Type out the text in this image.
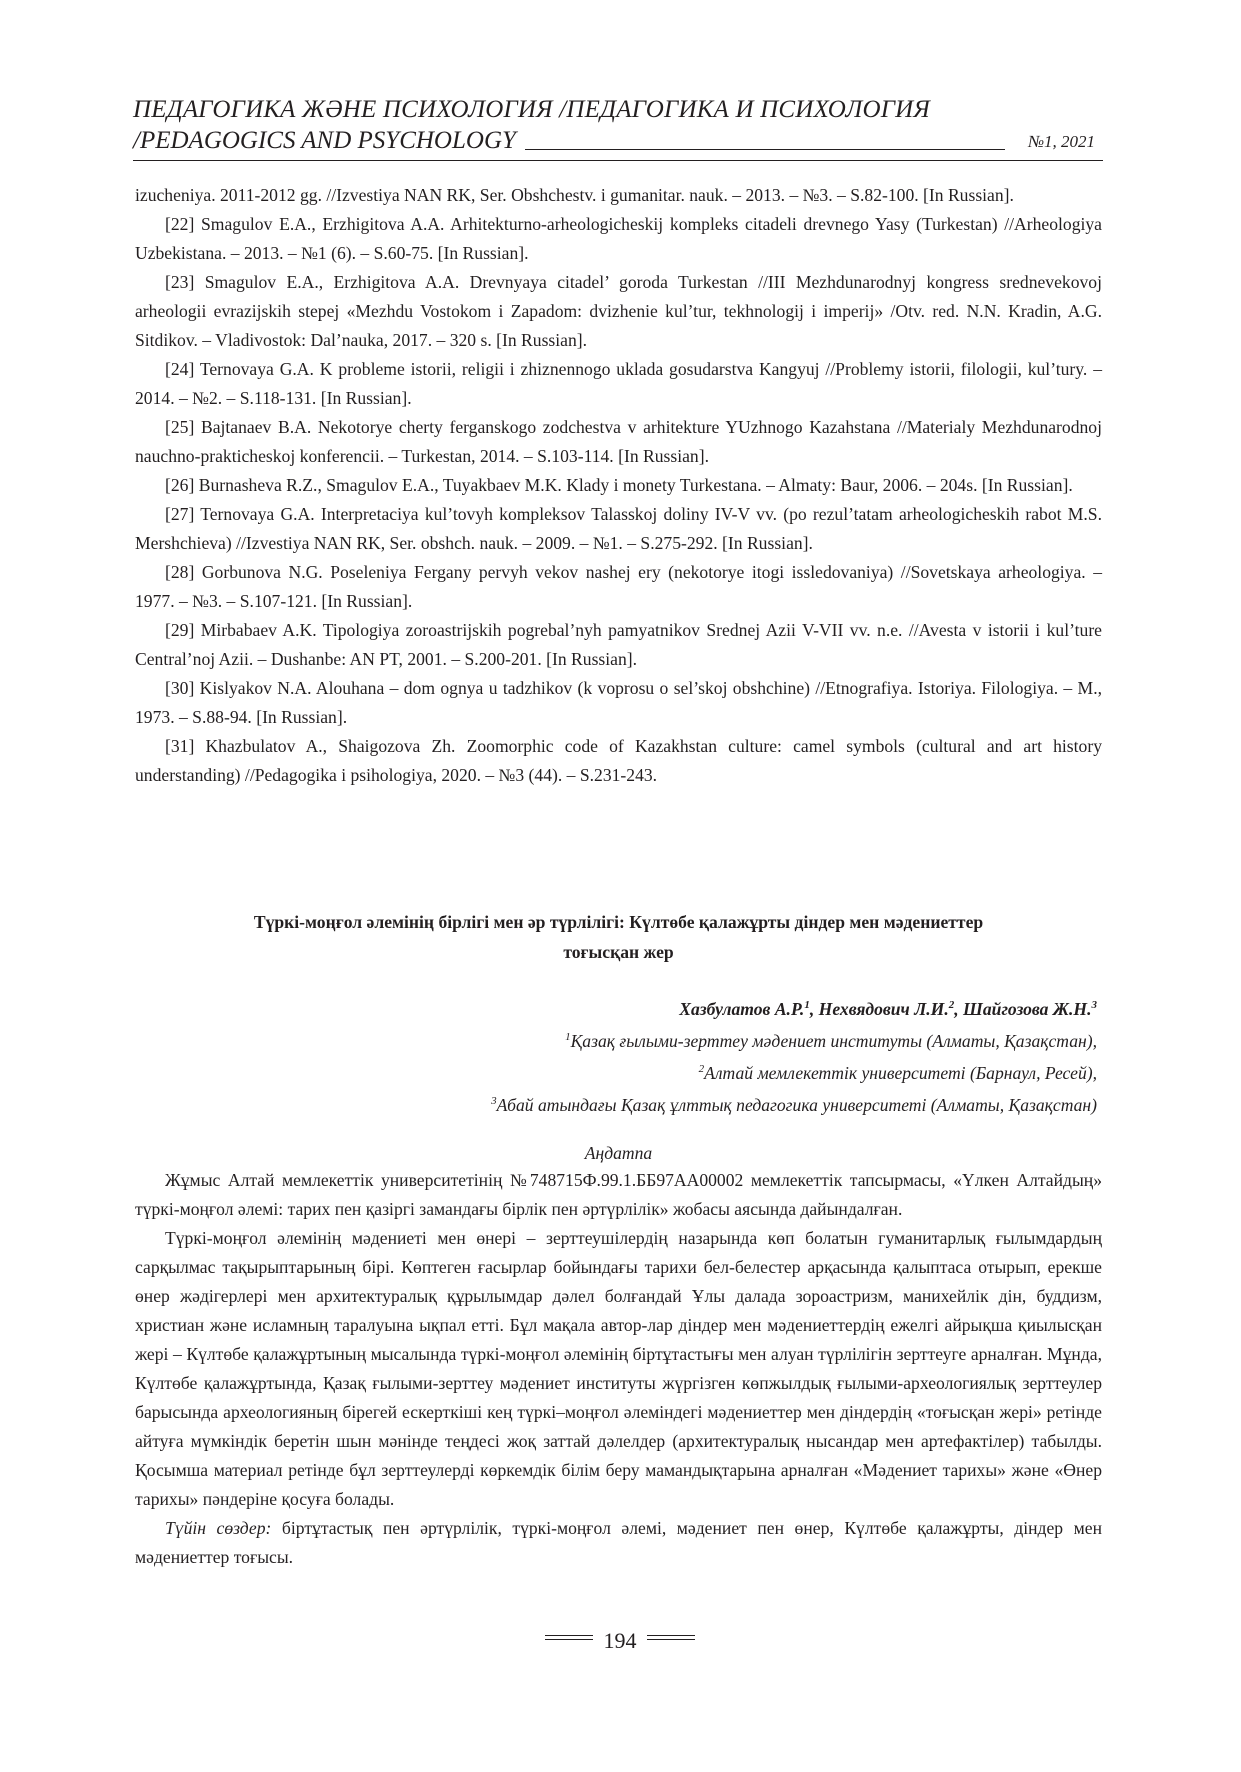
ПЕДАГОГИКА ЖӘНЕ ПСИХОЛОГИЯ /ПЕДАГОГИКА И ПСИХОЛОГИЯ
/PEDAGOGICS AND PSYCHOLOGY	№1, 2021

izucheniya. 2011-2012 gg. //Izvestiya NAN RK, Ser. Obshchestv. i gumanitar. nauk. – 2013. – №3. – S.82-100. [In Russian].

[22] Smagulov E.A., Erzhigitova A.A. Arhitekturno-arheologicheskij kompleks citadeli drevnego Yasy (Turkestan) //Arheologiya Uzbekistana. – 2013. – №1 (6). – S.60-75. [In Russian].

[23] Smagulov E.A., Erzhigitova A.A. Drevnyaya citadel’ goroda Turkestan //III Mezhdunarodnyj kongress srednevekovoj arheologii evrazijskih stepej «Mezhdu Vostokom i Zapadom: dvizhenie kul’tur, tekhnologij i imperij» /Otv. red. N.N. Kradin, A.G. Sitdikov. – Vladivostok: Dal’nauka, 2017. – 320 s. [In Russian].

[24] Ternovaya G.A. K probleme istorii, religii i zhiznennogo uklada gosudarstva Kangyuj //Problemy istorii, filologii, kul’tury. – 2014. – №2. – S.118-131. [In Russian].

[25] Bajtanaev B.A. Nekotorye cherty ferganskogo zodchestva v arhitekture YUzhnogo Kazahstana //Materialy Mezhdunarodnoj nauchno-prakticheskoj konferencii. – Turkestan, 2014. – S.103-114. [In Russian].

[26] Burnasheva R.Z., Smagulov E.A., Tuyakbaev M.K. Klady i monety Turkestana. – Almaty: Baur, 2006. – 204s. [In Russian].

[27] Ternovaya G.A. Interpretaciya kul’tovyh kompleksov Talasskoj doliny IV-V vv. (po rezul’tatam arheologicheskih rabot M.S. Mershchieva) //Izvestiya NAN RK, Ser. obshch. nauk. – 2009. – №1. – S.275-292. [In Russian].

[28] Gorbunova N.G. Poseleniya Fergany pervyh vekov nashej ery (nekotorye itogi issledovaniya) //Sovetskaya arheologiya. – 1977. – №3. – S.107-121. [In Russian].

[29] Mirbabaev A.K. Tipologiya zoroastrijskih pogrebal’nyh pamyatnikov Srednej Azii V-VII vv. n.e. //Avesta v istorii i kul’ture Central’noj Azii. – Dushanbe: AN PT, 2001. – S.200-201. [In Russian].

[30] Kislyakov N.A. Alouhana – dom ognya u tadzhikov (k voprosu o sel’skoj obshchine) //Etnografiya. Istoriya. Filologiya. – M., 1973. – S.88-94. [In Russian].

[31] Khazbulatov A., Shaigozova Zh. Zoomorphic code of Kazakhstan culture: camel symbols (cultural and art history understanding) //Pedagogika i psihologiya, 2020. – №3 (44). – S.231-243.

Түркі-моңғол әлемінің бірлігі мен әр түрлілігі: Күлтөбе қалажұрты діндер мен мәдениеттер
тоғысқан жер
Хазбулатов А.Р.$^1$, Нехвядович Л.И.$^2$, Шайгозова Ж.Н.$^3$
$^1$Қазақ ғылыми-зерттеу мәдениет институты (Алматы, Қазақстан),
$^2$Алтай мемлекеттік университеті (Барнаул, Ресей),
$^3$Абай атындағы Қазақ ұлттық педагогика университеті (Алматы, Қазақстан)
Аңдатпа

Жұмыс Алтай мемлекеттік университетінің №748715Ф.99.1.ББ97АА00002 мемлекеттік тапсырмасы, «Үлкен Алтайдың» түркі-моңғол әлемі: тарих пен қазіргі замандағы бірлік пен әртүрлілік» жобасы аясында дайындалған.

Түркі-моңғол әлемінің мәдениеті мен өнері – зерттеушілердің назарында көп болатын гуманитарлық ғылымдардың сарқылмас тақырыптарының бірі. Көптеген ғасырлар бойындағы тарихи бел-белестер арқасында қалыптаса отырып, ерекше өнер жәдігерлері мен архитектуралық құрылымдар дәлел болғандай Ұлы далада зороастризм, манихейлік дін, буддизм, христиан және исламның таралуына ықпал етті. Бұл мақала автор-лар діндер мен мәдениеттердің ежелгі айрықша қиылысқан жері – Күлтөбе қалажұртының мысалында түркі-моңғол әлемінің біртұтастығы мен алуан түрлілігін зерттеуге арналған. Мұнда, Күлтөбе қалажұртында, Қазақ ғылыми-зерттеу мәдениет институты жүргізген көпжылдық ғылыми-археологиялық зерттеулер барысында археологияның бірегей ескерткіші кең түркі–моңғол әлеміндегі мәдениеттер мен діндердің «тоғысқан жері» ретінде айтуға мүмкіндік беретін шын мәнінде теңдесі жоқ заттай дәлелдер (архитектуралық нысандар мен артефактілер) табылды. Қосымша материал ретінде бұл зерттеулерді көркемдік білім беру мамандықтарына арналған «Мәдениет тарихы» және «Өнер тарихы» пәндеріне қосуға болады.

Түйін сөздер: біртұтастық пен әртүрлілік, түркі-моңғол әлемі, мәдениет пен өнер, Күлтөбе қалажұрты, діндер мен мәдениеттер тоғысы.

194
